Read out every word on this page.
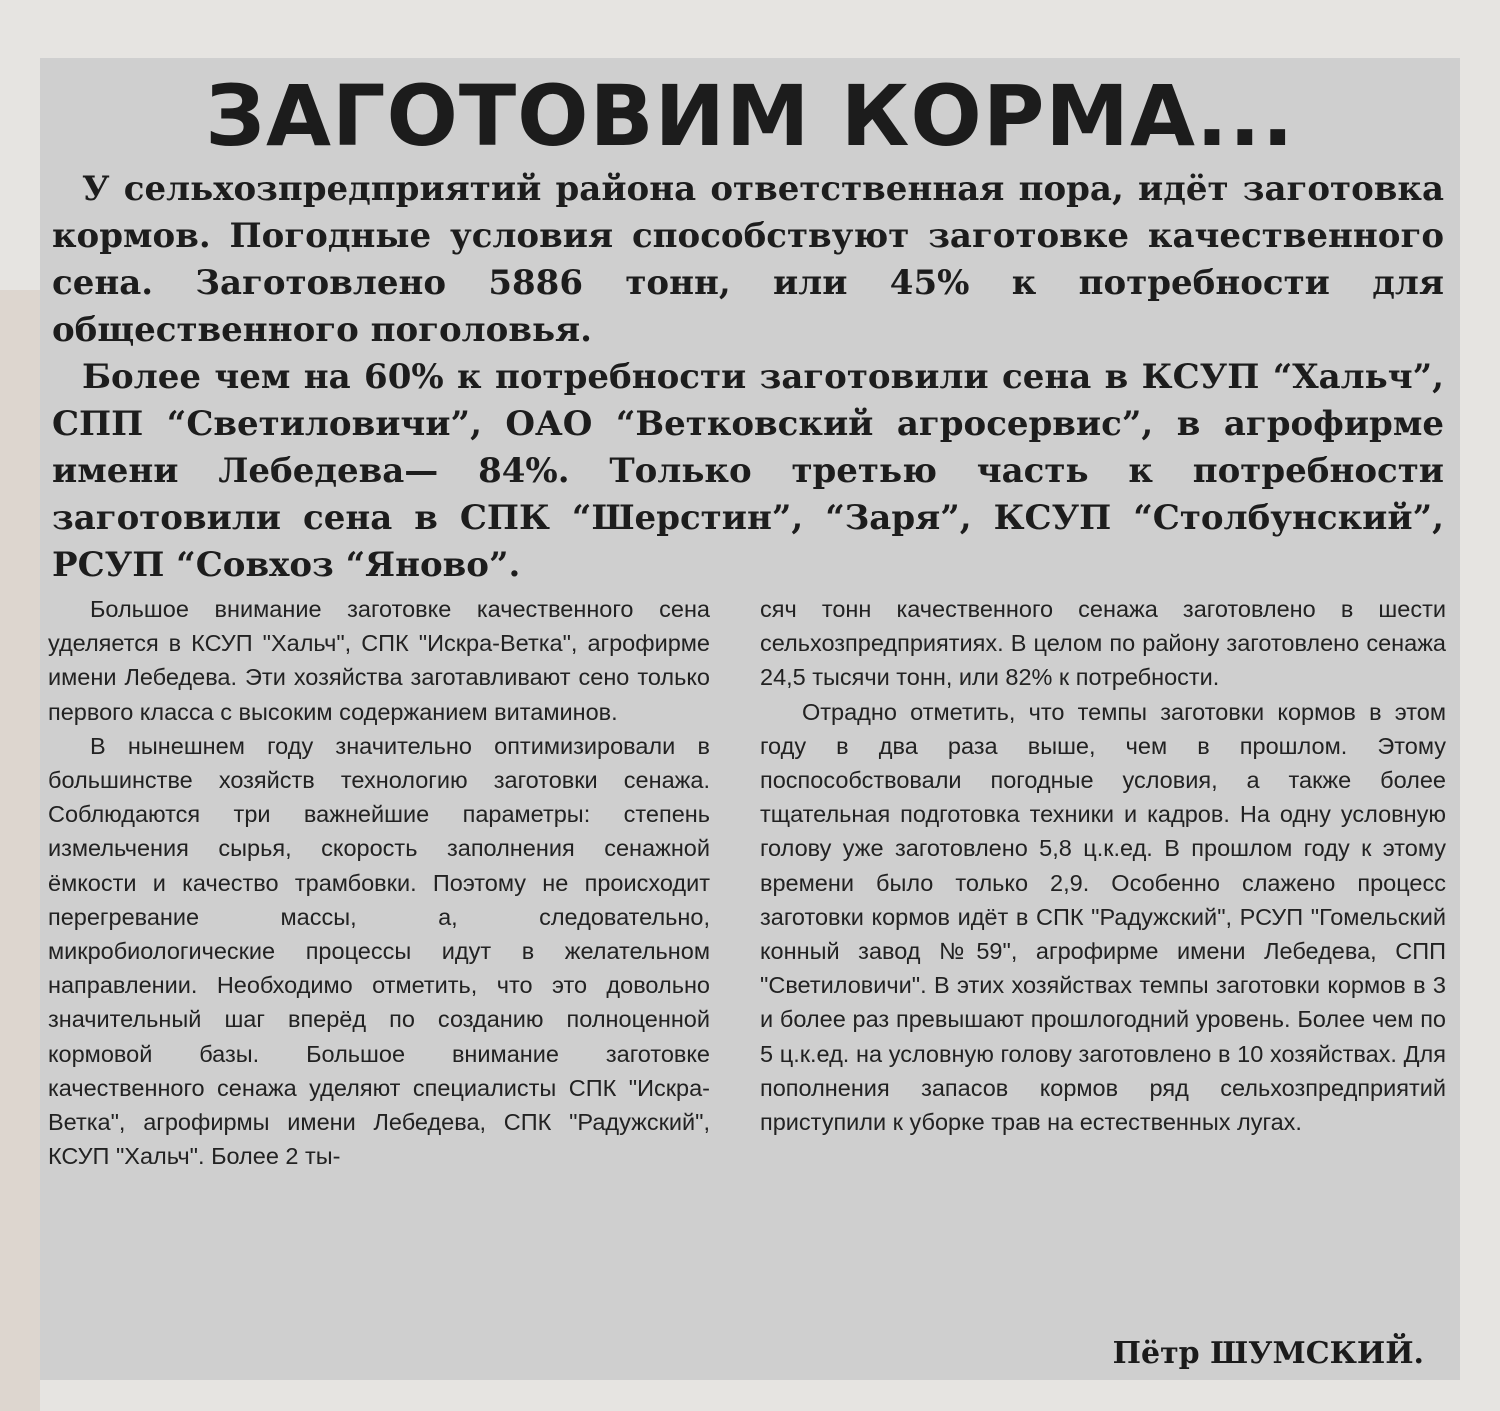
ЗАГОТОВИМ КОРМА...

У сельхозпредприятий района ответственная пора, идёт заготовка кормов. Погодные условия способствуют заготовке качественного сена. Заготовлено 5886 тонн, или 45% к потребности для общественного поголовья.

Более чем на 60% к потребности заготовили сена в КСУП “Хальч”, СПП “Светиловичи”, ОАО “Ветковский агросервис”, в агрофирме имени Лебедева— 84%. Только третью часть к потребности заготовили сена в СПК “Шерстин”, “Заря”, КСУП “Столбунский”, РСУП “Совхоз “Яново”.

Большое внимание заготовке качественного сена уделяется в КСУП "Хальч", СПК "Искра-Ветка", агрофирме имени Лебедева. Эти хозяйства заготавливают сено только первого класса с высоким содержанием витаминов.

В нынешнем году значительно оптимизировали в большинстве хозяйств технологию заготовки сенажа. Соблюдаются три важнейшие параметры: степень измельчения сырья, скорость заполнения сенажной ёмкости и качество трамбовки. Поэтому не происходит перегревание массы, а, следовательно, микробиологические процессы идут в желательном направлении. Необходимо отметить, что это довольно значительный шаг вперёд по созданию полноценной кормовой базы. Большое внимание заготовке качественного сенажа уделяют специалисты СПК "Искра-Ветка", агрофирмы имени Лебедева, СПК "Радужский", КСУП "Хальч". Более 2 ты-

сяч тонн качественного сенажа заготовлено в шести сельхозпредприятиях. В целом по району заготовлено сенажа 24,5 тысячи тонн, или 82% к потребности.

Отрадно отметить, что темпы заготовки кормов в этом году в два раза выше, чем в прошлом. Этому поспособствовали погодные условия, а также более тщательная подготовка техники и кадров. На одну условную голову уже заготовлено 5,8 ц.к.ед. В прошлом году к этому времени было только 2,9. Особенно слажено процесс заготовки кормов идёт в СПК "Радужский", РСУП "Гомельский конный завод №59", агрофирме имени Лебедева, СПП "Светиловичи". В этих хозяйствах темпы заготовки кормов в 3 и более раз превышают прошлогодний уровень. Более чем по 5 ц.к.ед. на условную голову заготовлено в 10 хозяйствах. Для пополнения запасов кормов ряд сельхозпредприятий приступили к уборке трав на естественных лугах.

Пётр ШУМСКИЙ.
